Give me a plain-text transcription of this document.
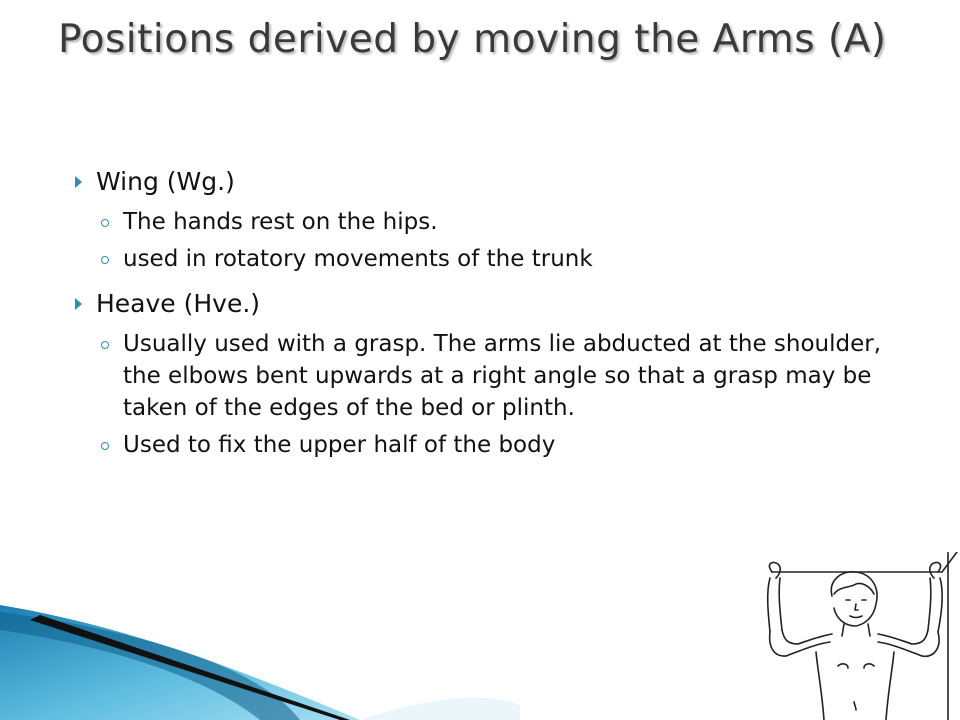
Positions derived by moving the Arms (A)
Wing (Wg.)
The hands rest on the hips.
used in rotatory movements of the trunk
Heave (Hve.)
Usually used with a grasp. The arms lie abducted at the shoulder, the elbows bent upwards at a right angle so that a grasp may be taken of the edges of the bed or plinth.
Used to fix the upper half of the body
